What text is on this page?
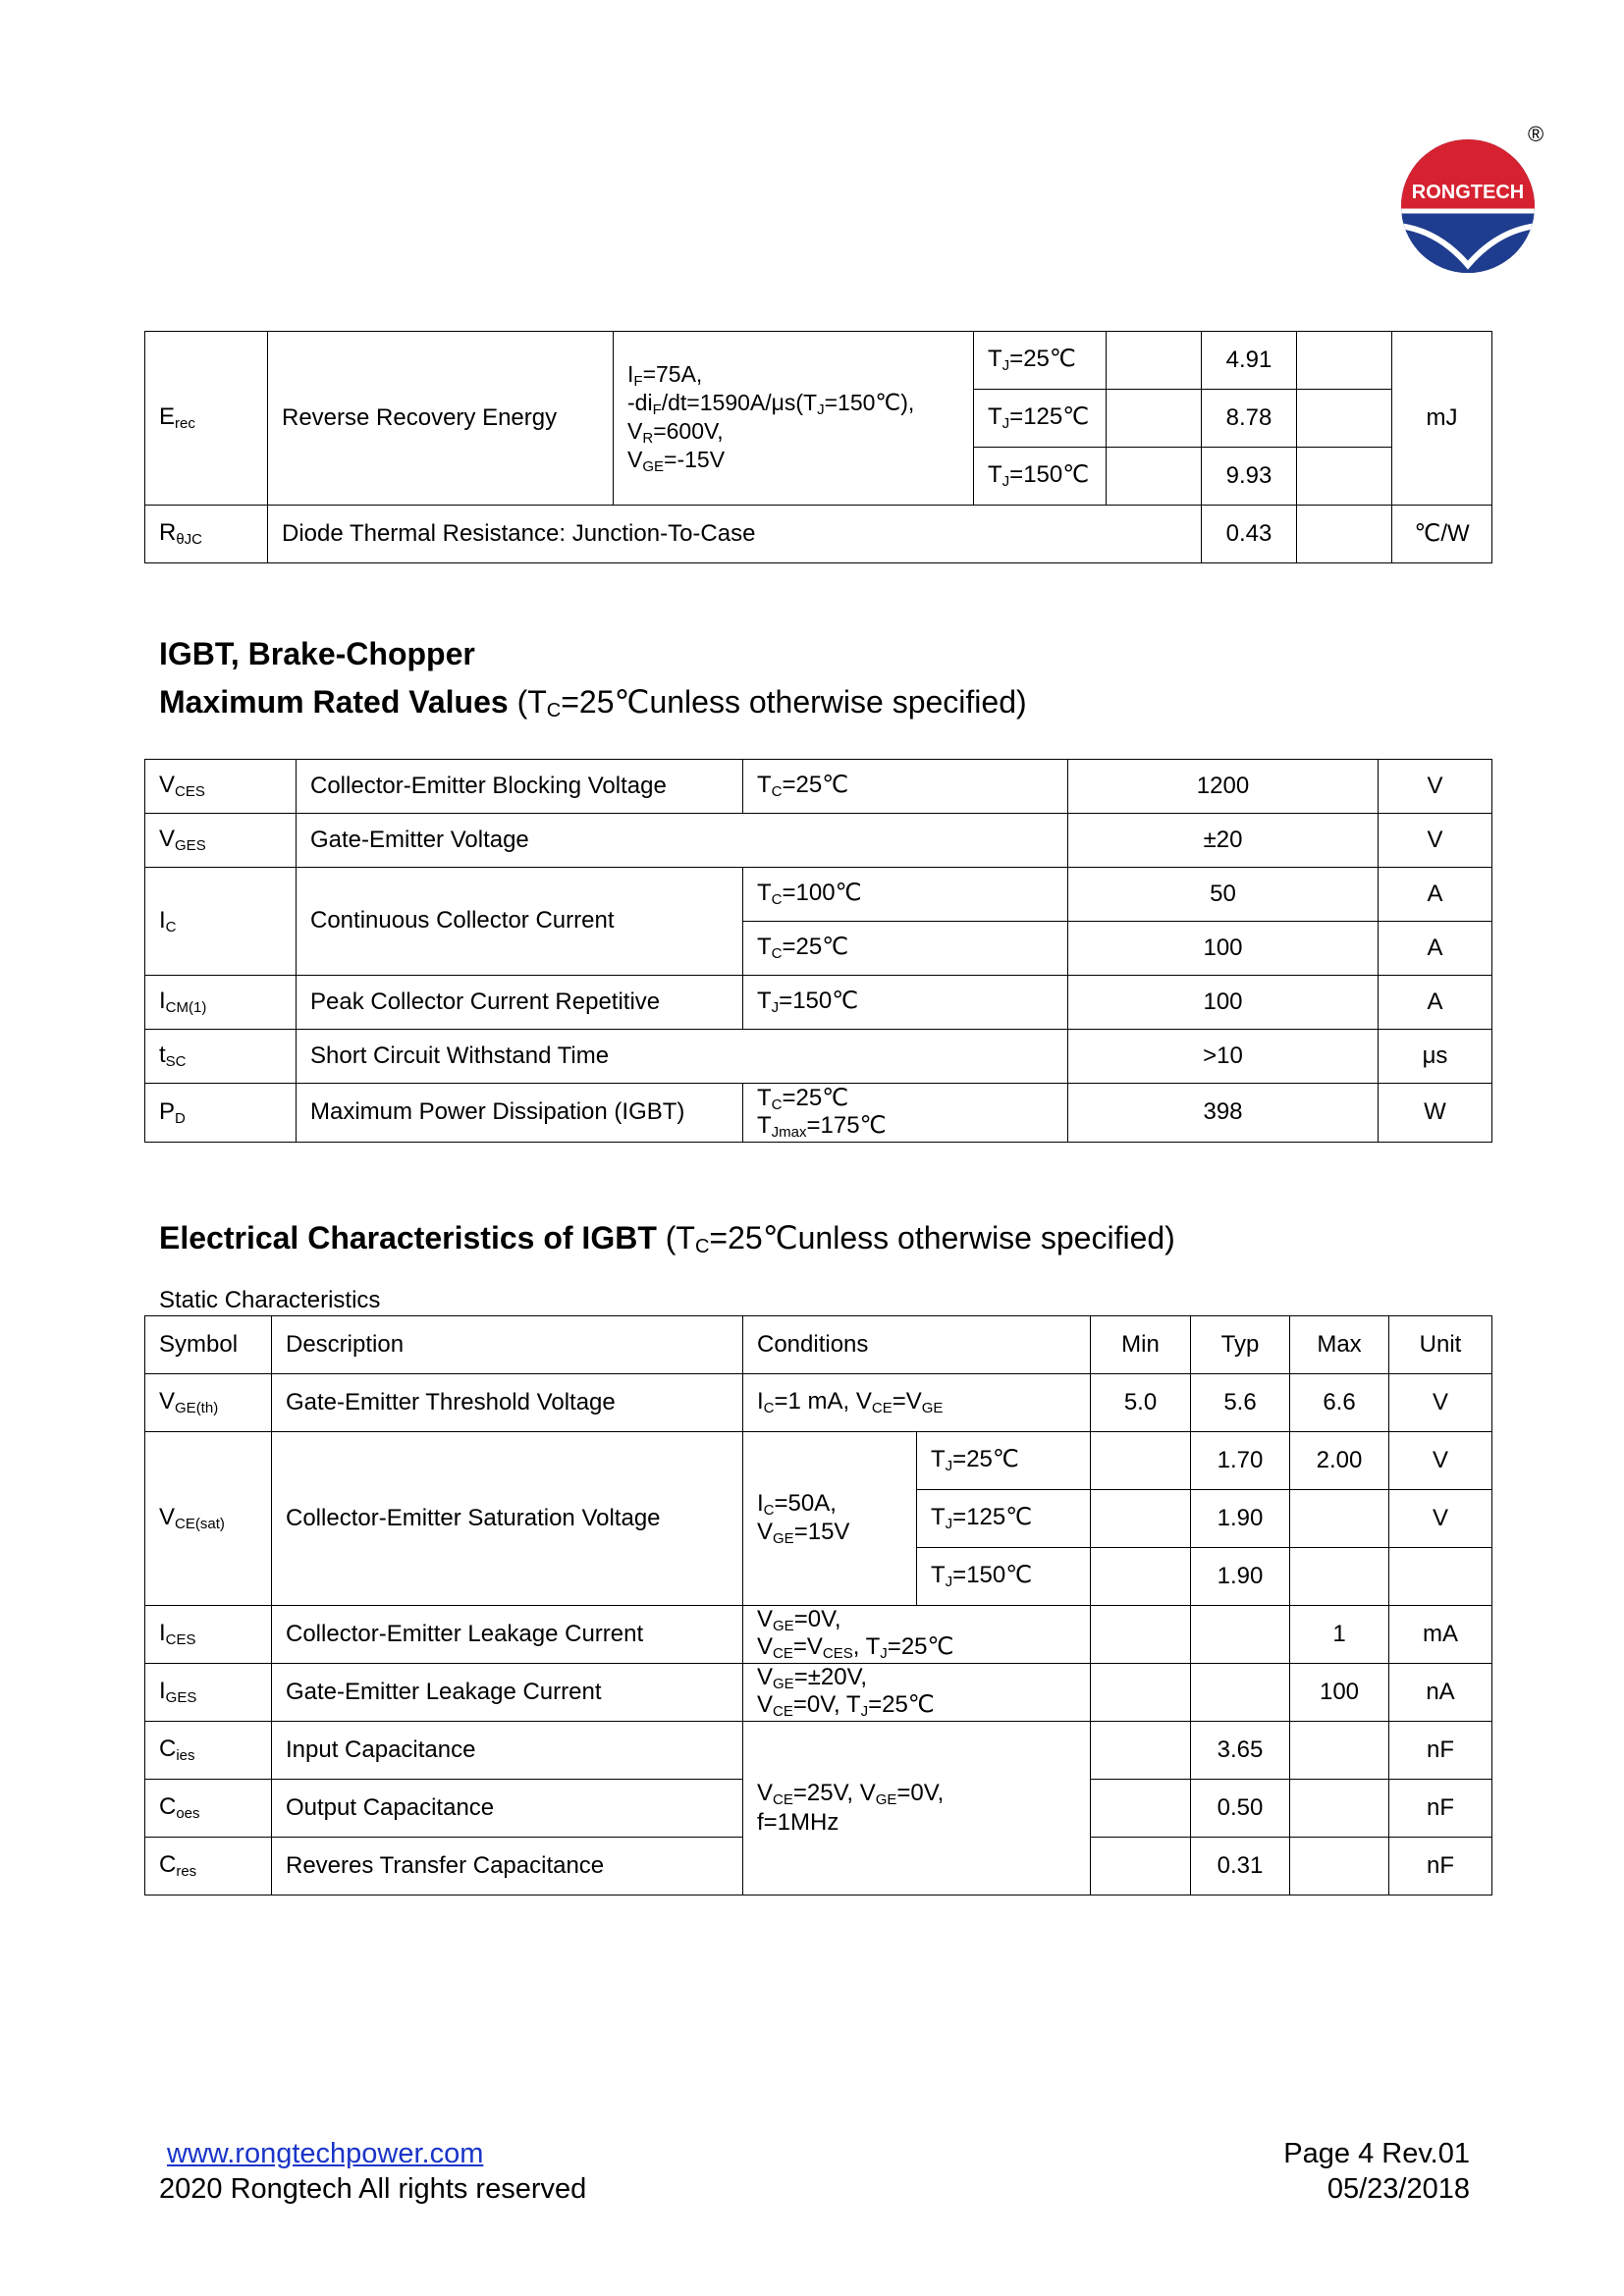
RONGTECH
®
$E_{rec}$	Reverse Recovery Energy	$I_F=75A$,
$-di_F/dt=1590A/\mu s(T_J=150℃)$,
$V_R=600V$,
$V_{GE}=-15V$	$T_J=25℃$		4.91		mJ
			$T_J=125℃$		8.78		
			$T_J=150℃$		9.93		
$R_{\theta JC}$	Diode Thermal Resistance: Junction-To-Case				0.43		℃/W
IGBT, Brake-Chopper
Maximum Rated Values ($T_C=25℃unless$ otherwise specified)
$V_{CES}$	Collector-Emitter Blocking Voltage	$T_C=25℃$	1200	V
$V_{GES}$	Gate-Emitter Voltage		±20	V
$I_C$	Continuous Collector Current	$T_C=100℃$	50	A
		$T_C=25℃$	100	A
$I_{CM(1)}$	Peak Collector Current Repetitive	$T_J=150℃$	100	A
$t_{SC}$	Short Circuit Withstand Time		>10	μs
$P_D$	Maximum Power Dissipation (IGBT)	$T_C=25℃$
$T_{Jmax}=175℃$	398	W
Electrical Characteristics of IGBT ($T_C=25℃unless$ otherwise specified)
Static Characteristics
Symbol	Description	Conditions		Min	Typ	Max	Unit
$V_{GE(th)}$	Gate-Emitter Threshold Voltage	$I_C=1$ mA, $V_{CE}=V_{GE}$		5.0	5.6	6.6	V
$V_{CE(sat)}$	Collector-Emitter Saturation Voltage	$I_C=50A$,
$V_{GE}=15V$	$T_J=25℃$		1.70	2.00	V
			$T_J=125℃$		1.90		V
			$T_J=150℃$		1.90		
$I_{CES}$	Collector-Emitter Leakage Current	$V_{GE}=0V$,
$V_{CE}=V_{CES}$, $T_J=25℃$				1	mA
$I_{GES}$	Gate-Emitter Leakage Current	$V_{GE}=\pm 20V$,
$V_{CE}=0V$, $T_J=25℃$				100	nA
$C_{ies}$	Input Capacitance	$V_{CE}=25V$, $V_{GE}=0V$,
f=1MHz			3.65		nF
$C_{oes}$	Output Capacitance				0.50		nF
$C_{res}$	Reveres Transfer Capacitance				0.31		nF
www.rongtechpower.com
2020 Rongtech All rights reserved
Page 4 Rev.01
05/23/2018
